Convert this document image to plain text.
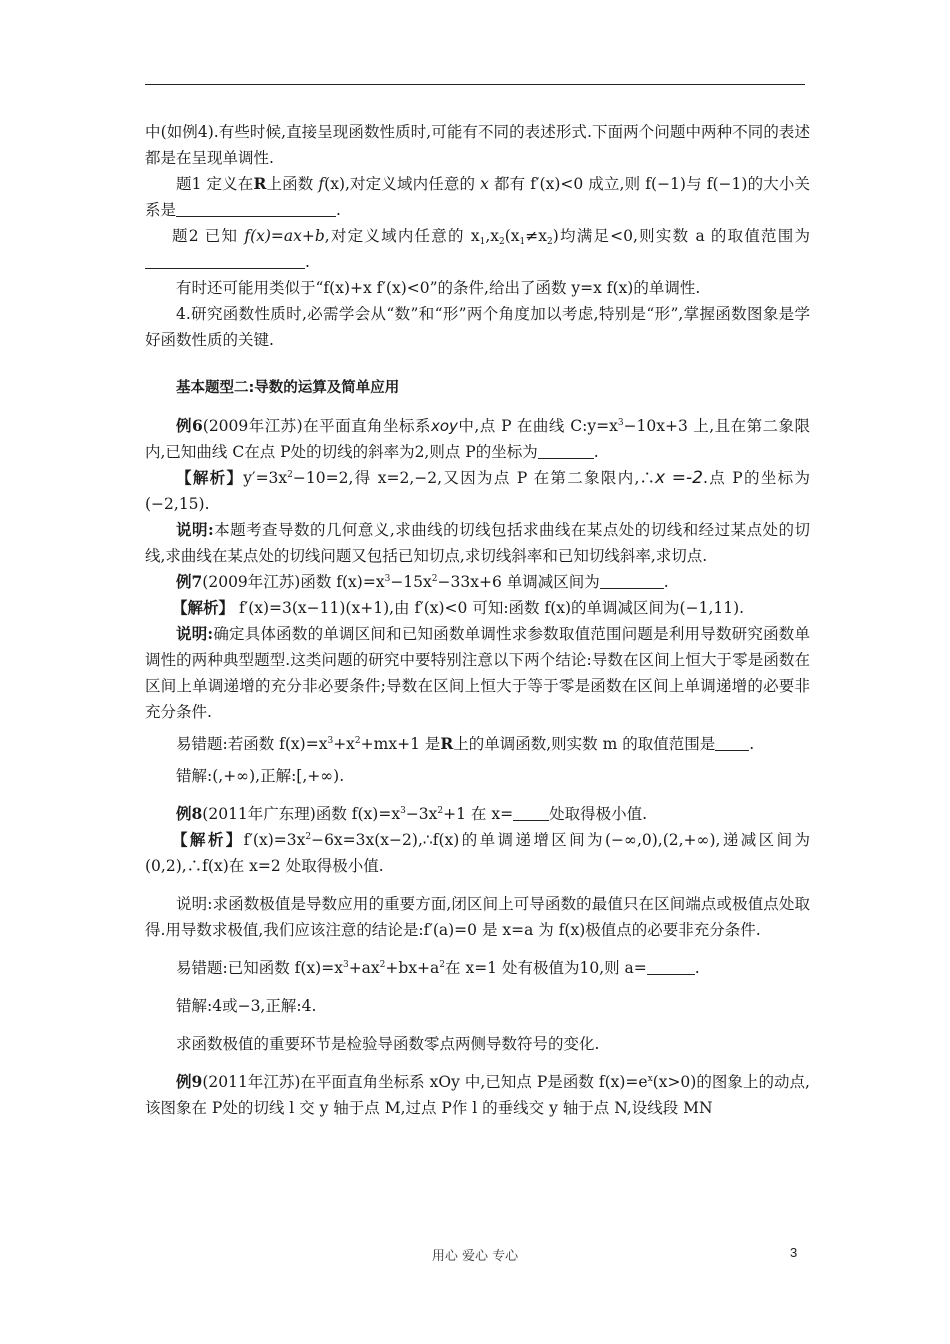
中(如例4).有些时候,直接呈现函数性质时,可能有不同的表述形式.下面两个问题中两种不同的表述都是在呈现单调性.

题1 定义在R上函数 f(x),对定义域内任意的 x 都有 f′(x)<0 成立,则 f(−1)与 f(−1)的大小关系是	.

题2 已知 f(x)=ax+b,对定义域内任意的 $x_1,x_2(x_1\ne x_2)$均满足<0,则实数 a 的取值范围为.

有时还可能用类似于“f(x)+x f′(x)<0”的条件,给出了函数 y=x f(x)的单调性.

4.研究函数性质时,必需学会从“数”和“形”两个角度加以考虑,特别是“形”,掌握函数图象是学好函数性质的关键.

基本题型二:导数的运算及简单应用

例6(2009年江苏)在平面直角坐标系xoy中,点 P 在曲线 $C:y=x^3-10x+3$ 上,且在第二象限内,已知曲线 C在点 P处的切线的斜率为2,则点 P的坐标为	.

【解析】$y'=3x^2-10=2$,得 x=2,−2,又因为点 P 在第二象限内,∴x =-2.点 P的坐标为(−2,15).

说明:本题考查导数的几何意义,求曲线的切线包括求曲线在某点处的切线和经过某点处的切线,求曲线在某点处的切线问题又包括已知切点,求切线斜率和已知切线斜率,求切点.

例7(2009年江苏)函数 $f(x)=x^3-15x^2-33x+6$ 单调减区间为	.

【解析】 f′(x)=3(x−11)(x+1),由 f′(x)<0 可知:函数 f(x)的单调减区间为(−1,11).

说明:确定具体函数的单调区间和已知函数单调性求参数取值范围问题是利用导数研究函数单调性的两种典型题型.这类问题的研究中要特别注意以下两个结论:导数在区间上恒大于零是函数在区间上单调递增的充分非必要条件;导数在区间上恒大于等于零是函数在区间上单调递增的必要非充分条件.

易错题:若函数 $f(x)=x^3+x^2+mx+1$ 是R上的单调函数,则实数 m 的取值范围是 .

错解:(,+∞),正解:[,+∞).

例8(2011年广东理)函数 $f(x)=x^3-3x^2+1$ 在 x= 处取得极小值.

【解析】$f'(x)=3x^2-6x=3x(x-2),\therefore f(x)$的单调递增区间为(−∞,0),(2,+∞),递减区间为(0,2),∴f(x)在 x=2 处取得极小值.

说明:求函数极值是导数应用的重要方面,闭区间上可导函数的最值只在区间端点或极值点处取得.用导数求极值,我们应该注意的结论是:f′(a)=0 是 x=a 为 f(x)极值点的必要非充分条件.

易错题:已知函数 $f(x)=x^3+ax^2+bx+a^2$在 x=1 处有极值为10,则 a=	.

错解:4或−3,正解:4.

求函数极值的重要环节是检验导函数零点两侧导数符号的变化.

例9(2011年江苏)在平面直角坐标系 xOy 中,已知点 P是函数 $f(x)=e^x(x>0)$的图象上的动点,该图象在 P处的切线 l 交 y 轴于点 M,过点 P作 l 的垂线交 y 轴于点 N,设线段 MN

用心 爱心 专心	3
